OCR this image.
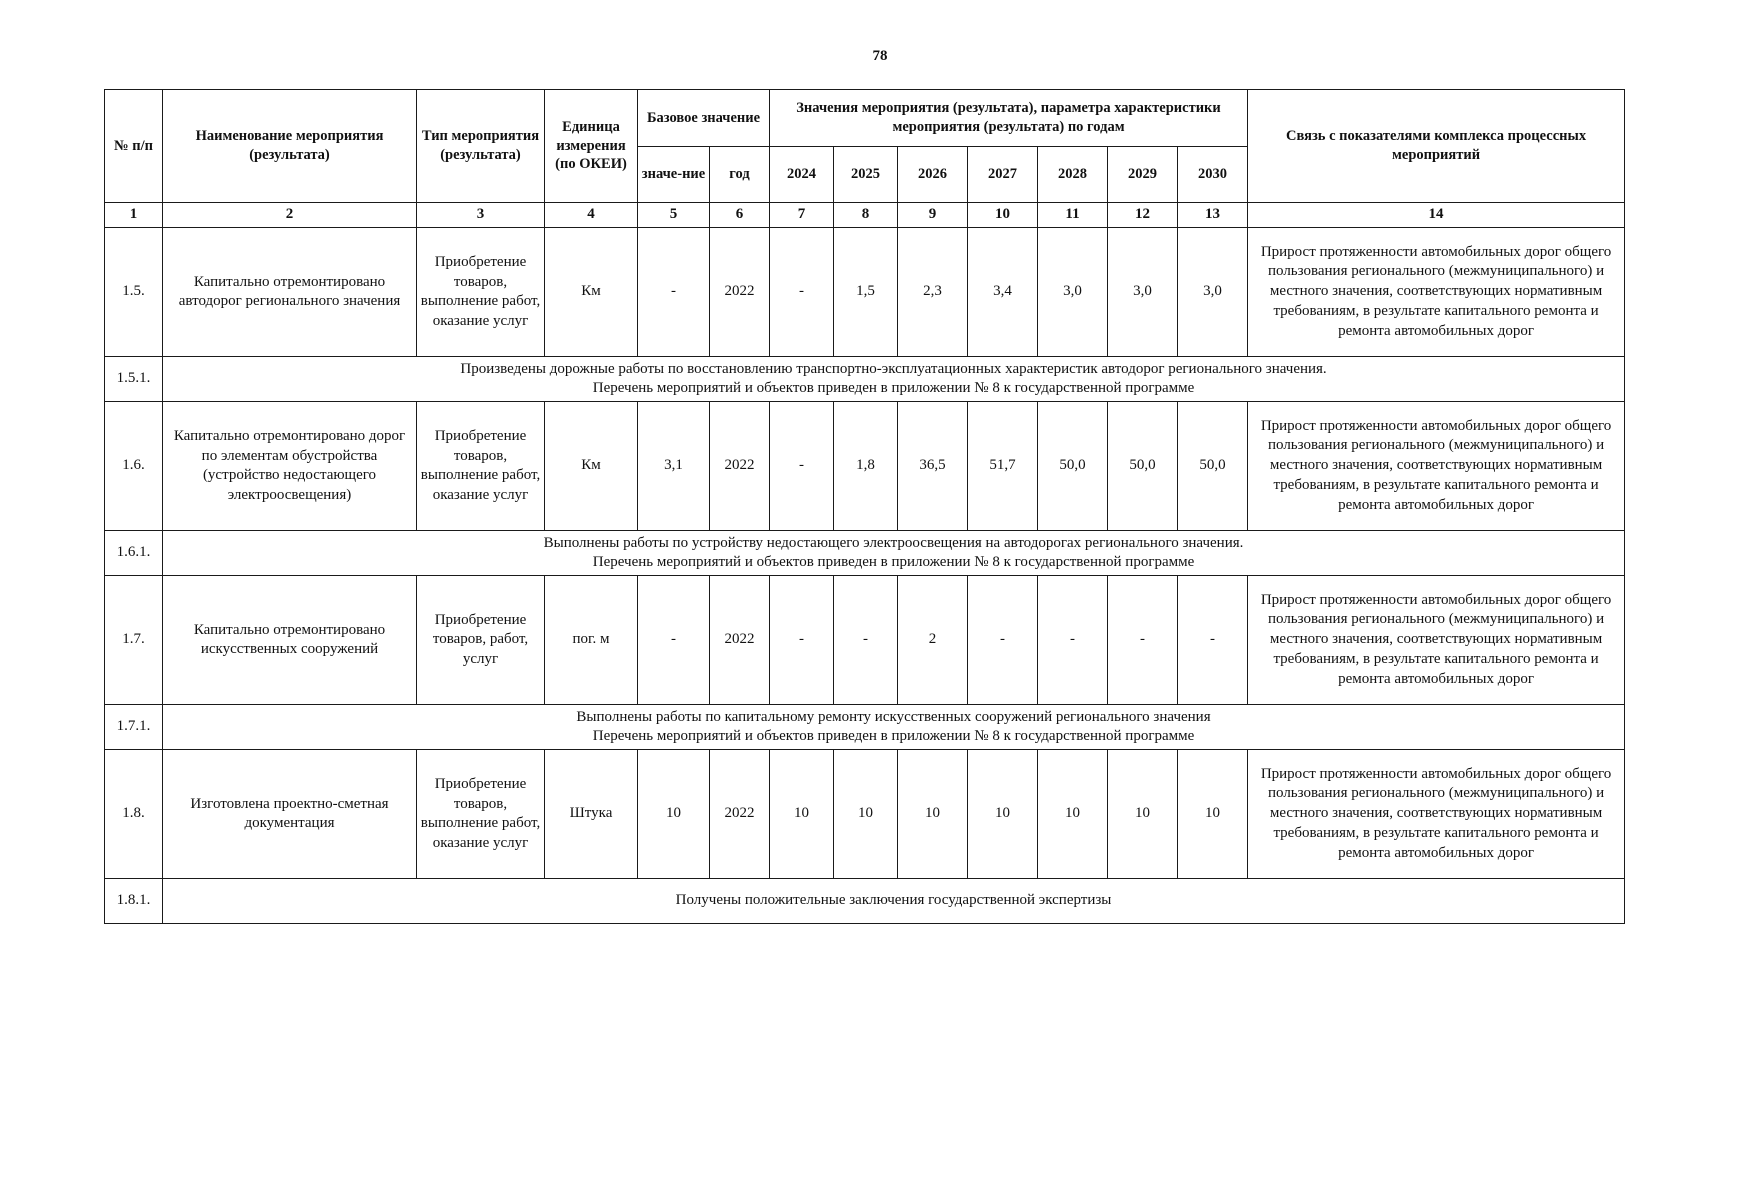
78
№ п/п	Наименование мероприятия (результата)	Тип мероприятия (результата)	Единица измерения (по ОКЕИ)	Базовое значение		Значения мероприятия (результата), параметра характеристики мероприятия (результата) по годам							Связь с показателями комплекса процессных мероприятий
				значе-ние	год	2024	2025	2026	2027	2028	2029	2030	
1	2	3	4	5	6	7	8	9	10	11	12	13	14
1.5.	Капитально отремонтировано автодорог регионального значения	Приобретение товаров, выполнение работ, оказание услуг	Км	-	2022	-	1,5	2,3	3,4	3,0	3,0	3,0	Прирост протяженности автомобильных дорог общего пользования регионального (межмуниципального) и местного значения, соответствующих нормативным требованиям, в результате капитального ремонта и ремонта автомобильных дорог
1.5.1.	Произведены дорожные работы по восстановлению транспортно-эксплуатационных характеристик автодорог регионального значения.
Перечень мероприятий и объектов приведен в приложении № 8 к государственной программе												

1.6.	Капитально отремонтировано дорог по элементам обустройства (устройство недостающего электроосвещения)	Приобретение товаров, выполнение работ, оказание услуг	Км	3,1	2022	-	1,8	36,5	51,7	50,0	50,0	50,0	Прирост протяженности автомобильных дорог общего пользования регионального (межмуниципального) и местного значения, соответствующих нормативным требованиям, в результате капитального ремонта и ремонта автомобильных дорог
1.6.1.	Выполнены работы по устройству недостающего электроосвещения на автодорогах регионального значения.
Перечень мероприятий и объектов приведен в приложении № 8 к государственной программе												

1.7.	Капитально отремонтировано искусственных сооружений	Приобретение товаров, работ, услуг	пог. м	-	2022	-	-	2	-	-	-	-	Прирост протяженности автомобильных дорог общего пользования регионального (межмуниципального) и местного значения, соответствующих нормативным требованиям, в результате капитального ремонта и ремонта автомобильных дорог
1.7.1.	Выполнены работы по капитальному ремонту искусственных сооружений регионального значения
Перечень мероприятий и объектов приведен в приложении № 8 к государственной программе												

1.8.	Изготовлена проектно-сметная документация	Приобретение товаров, выполнение работ, оказание услуг	Штука	10	2022	10	10	10	10	10	10	10	Прирост протяженности автомобильных дорог общего пользования регионального (межмуниципального) и местного значения, соответствующих нормативным требованиям, в результате капитального ремонта и ремонта автомобильных дорог
1.8.1.	Получены положительные заключения государственной экспертизы												
